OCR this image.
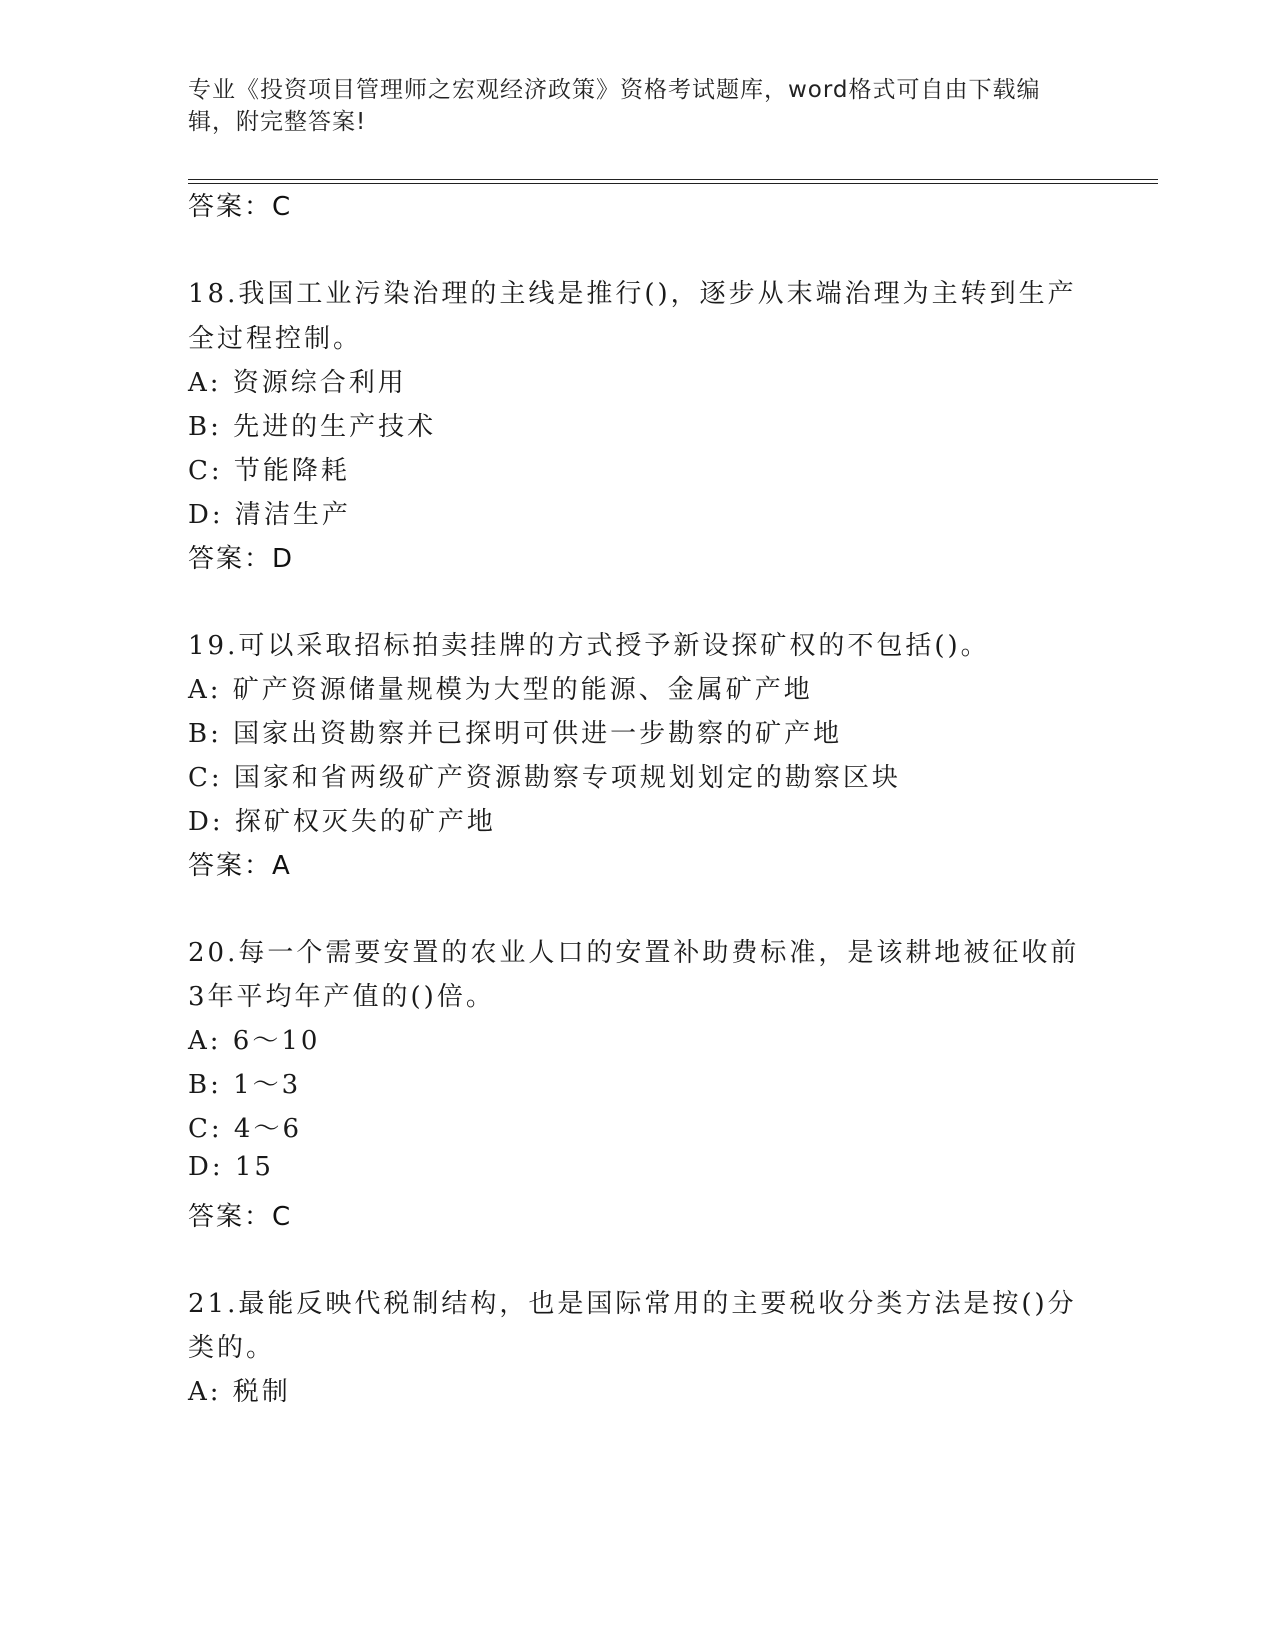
专业《投资项目管理师之宏观经济政策》资格考试题库，word格式可自由下载编辑，附完整答案!
答案：C
18.我国工业污染治理的主线是推行()，逐步从末端治理为主转到生产
全过程控制。
A: 资源综合利用
B: 先进的生产技术
C: 节能降耗
D: 清洁生产
答案：D
19.可以采取招标拍卖挂牌的方式授予新设探矿权的不包括()。
A: 矿产资源储量规模为大型的能源、金属矿产地
B: 国家出资勘察并已探明可供进一步勘察的矿产地
C: 国家和省两级矿产资源勘察专项规划划定的勘察区块
D: 探矿权灭失的矿产地
答案：A
20.每一个需要安置的农业人口的安置补助费标准，是该耕地被征收前
3年平均年产值的()倍。
A: 6～10
B: 1～3
C: 4～6
D: 15
答案：C
21.最能反映代税制结构，也是国际常用的主要税收分类方法是按()分
类的。
A: 税制
